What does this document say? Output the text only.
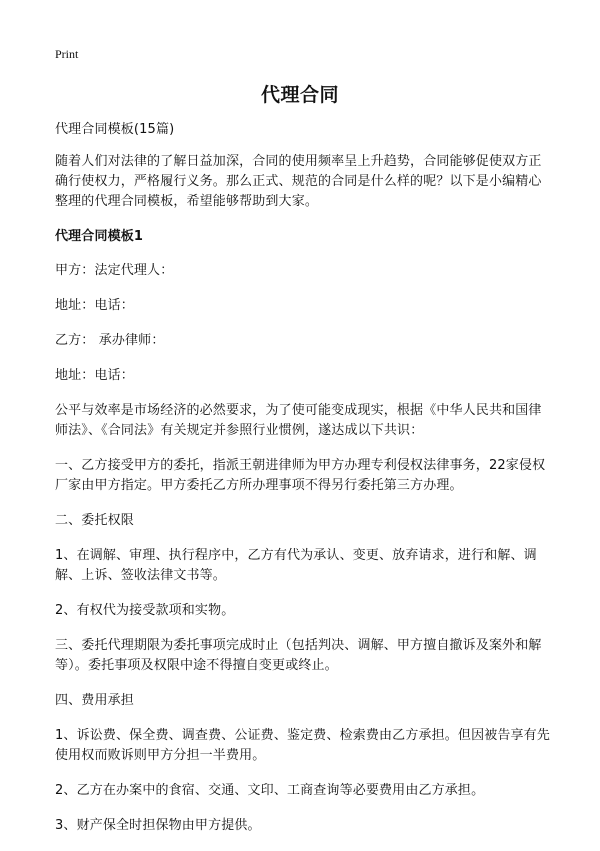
Print
代理合同

代理合同模板(15篇)

随着人们对法律的了解日益加深，合同的使用频率呈上升趋势，合同能够促使双方正确行使权力，严格履行义务。那么正式、规范的合同是什么样的呢？以下是小编精心整理的代理合同模板，希望能够帮助到大家。

代理合同模板1

甲方：法定代理人：

地址：电话：

乙方： 承办律师：

地址：电话：

公平与效率是市场经济的必然要求，为了使可能变成现实，根据《中华人民共和国律师法》、《合同法》有关规定并参照行业惯例，遂达成以下共识：

一、乙方接受甲方的委托，指派王朝进律师为甲方办理专利侵权法律事务，22家侵权厂家由甲方指定。甲方委托乙方所办理事项不得另行委托第三方办理。

二、委托权限

1、在调解、审理、执行程序中，乙方有代为承认、变更、放弃请求，进行和解、调解、上诉、签收法律文书等。

2、有权代为接受款项和实物。

三、委托代理期限为委托事项完成时止（包括判决、调解、甲方擅自撤诉及案外和解等）。委托事项及权限中途不得擅自变更或终止。

四、费用承担

1、诉讼费、保全费、调查费、公证费、鉴定费、检索费由乙方承担。但因被告享有先使用权而败诉则甲方分担一半费用。

2、乙方在办案中的食宿、交通、文印、工商查询等必要费用由乙方承担。

3、财产保全时担保物由甲方提供。
